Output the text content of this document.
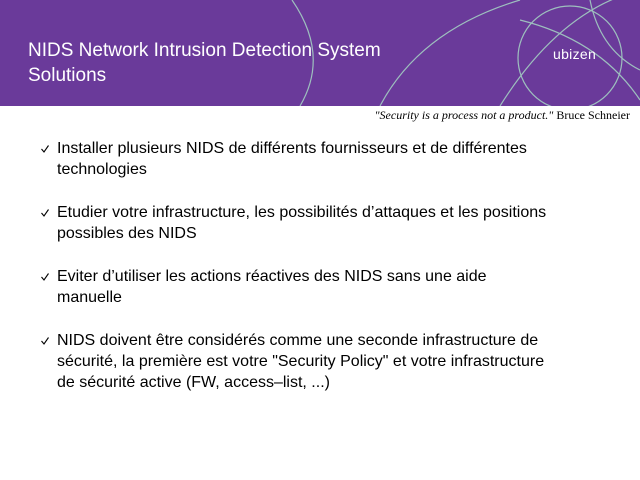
NIDS Network Intrusion Detection System Solutions
ubizen
"Security is a process not a product." Bruce Schneier
Installer plusieurs NIDS de différents fournisseurs et de différentes technologies
Etudier votre infrastructure, les possibilités d’attaques et les positions possibles des NIDS
Eviter d’utiliser les actions réactives des NIDS sans une aide manuelle
NIDS doivent être considérés comme une seconde infrastructure de sécurité, la première est votre "Security Policy" et votre infrastructure de sécurité active (FW, access–list, ...)
